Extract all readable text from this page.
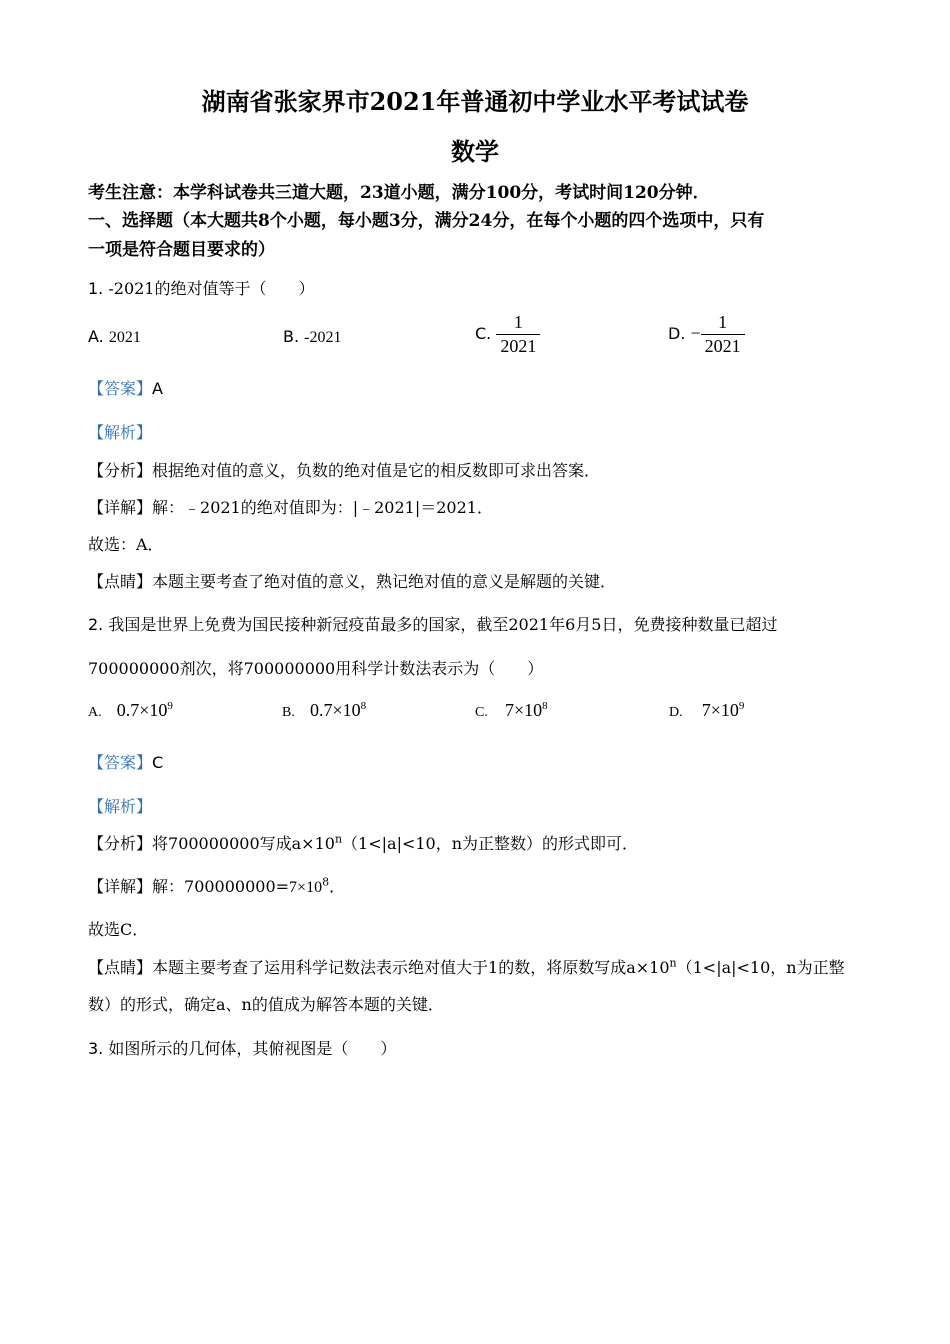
湖南省张家界市2021年普通初中学业水平考试试卷
数学
考生注意：本学科试卷共三道大题，23道小题，满分100分，考试时间120分钟．
一、选择题（本大题共8个小题，每小题3分，满分24分，在每个小题的四个选项中，只有
一项是符合题目要求的）
1. -2021的绝对值等于（　　）
A. 2021	B. -2021	C. $\frac{1}{2021}$	D. − $\frac{1}{2021}$
【答案】A
【解析】
【分析】根据绝对值的意义，负数的绝对值是它的相反数即可求出答案．
【详解】解：﹣2021的绝对值即为：|﹣2021|＝2021．
故选：A．
【点睛】本题主要考查了绝对值的意义，熟记绝对值的意义是解题的关键．
2. 我国是世界上免费为国民接种新冠疫苗最多的国家，截至2021年6月5日，免费接种数量已超过
700000000剂次，将700000000用科学计数法表示为（　　）
A. $0.7\times 10^9$	B. $0.7\times 10^8$	C. $7\times 10^8$	D. $7\times 10^9$
【答案】C
【解析】
【分析】将700000000写成$a\times 10^n(1<|a|<10$，n为正整数）的形式即可．
【详解】解：$700000000=7\times 10^8$．
故选C．
【点睛】本题主要考查了运用科学记数法表示绝对值大于1的数，将原数写成$a\times 10^n(1<|a|<10$，n为正整
数）的形式，确定a、n的值成为解答本题的关键．
3. 如图所示的几何体，其俯视图是（　　）
